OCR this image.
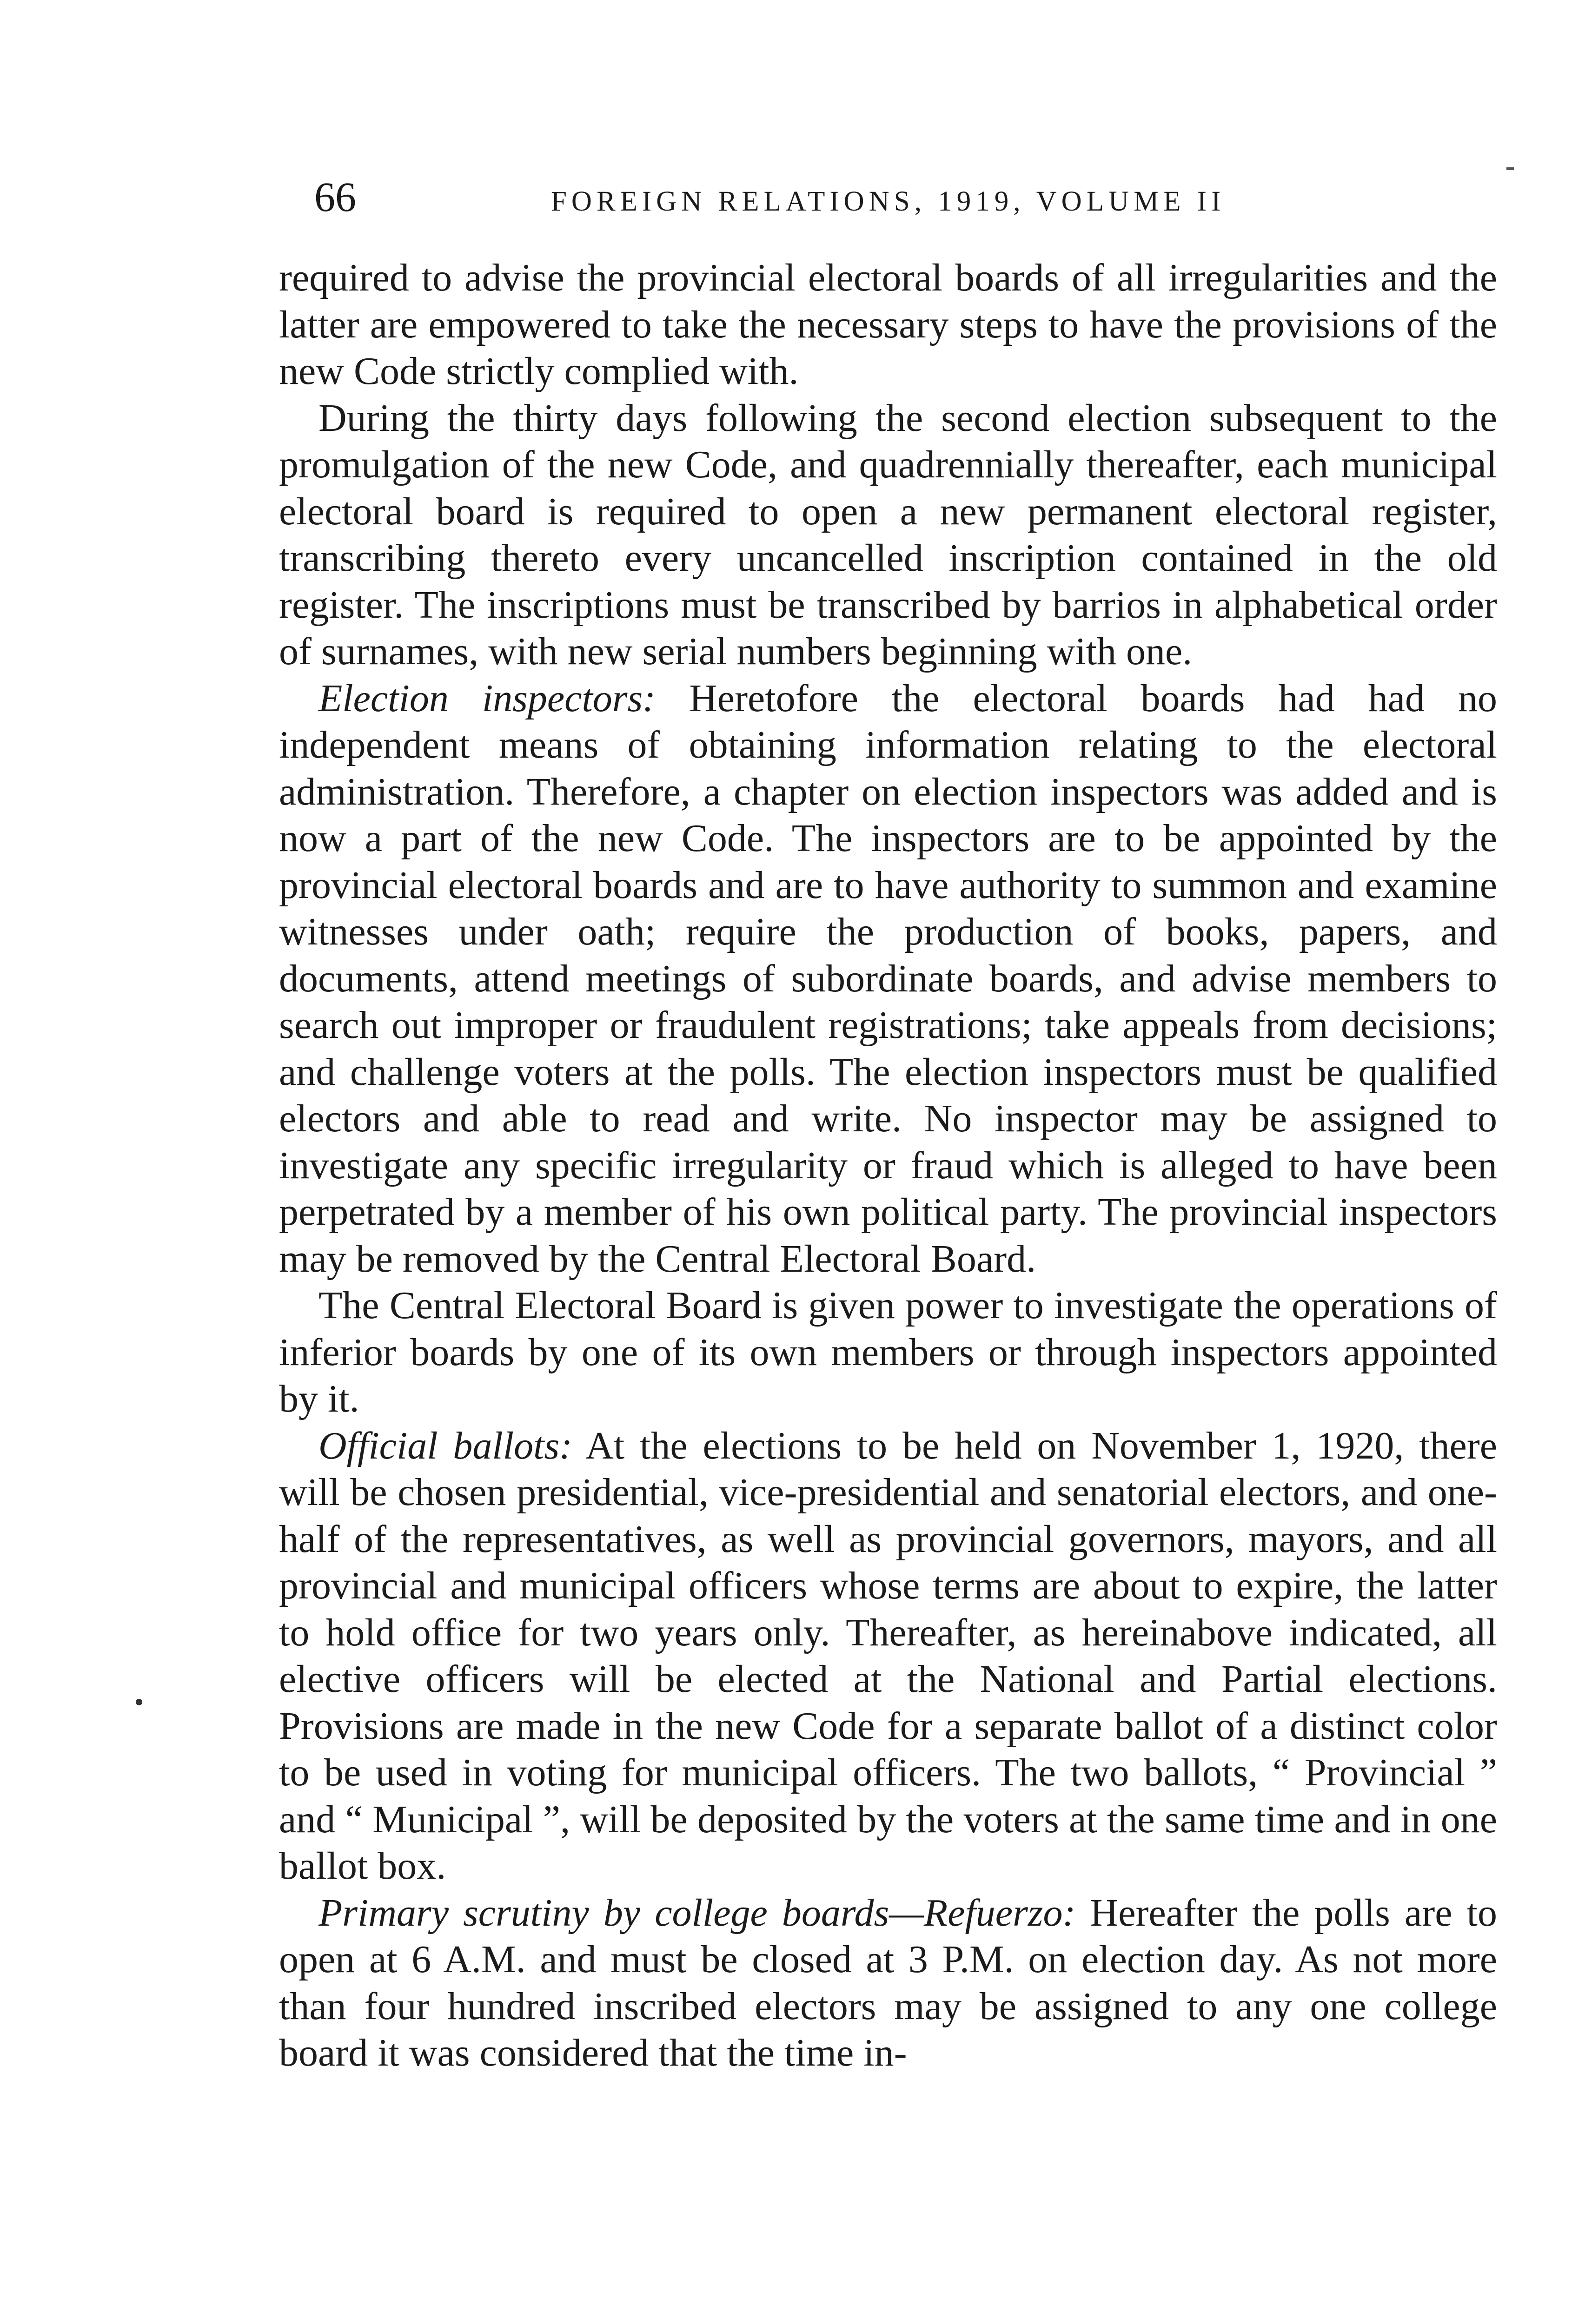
66	FOREIGN RELATIONS, 1919, VOLUME II

required to advise the provincial electoral boards of all irregularities and the latter are empowered to take the necessary steps to have the provisions of the new Code strictly complied with.

During the thirty days following the second election subsequent to the promulgation of the new Code, and quadrennially thereafter, each municipal electoral board is required to open a new permanent electoral register, transcribing thereto every uncancelled inscription contained in the old register. The inscriptions must be transcribed by barrios in alphabetical order of surnames, with new serial numbers beginning with one.

Election inspectors: Heretofore the electoral boards had had no independent means of obtaining information relating to the electoral administration. Therefore, a chapter on election inspectors was added and is now a part of the new Code. The inspectors are to be appointed by the provincial electoral boards and are to have authority to summon and examine witnesses under oath; require the production of books, papers, and documents, attend meetings of subordinate boards, and advise members to search out improper or fraudulent registrations; take appeals from decisions; and challenge voters at the polls. The election inspectors must be qualified electors and able to read and write. No inspector may be assigned to investigate any specific irregularity or fraud which is alleged to have been perpetrated by a member of his own political party. The provincial inspectors may be removed by the Central Electoral Board.

The Central Electoral Board is given power to investigate the operations of inferior boards by one of its own members or through inspectors appointed by it.

Official ballots: At the elections to be held on November 1, 1920, there will be chosen presidential, vice-presidential and senatorial electors, and one-half of the representatives, as well as provincial governors, mayors, and all provincial and municipal officers whose terms are about to expire, the latter to hold office for two years only. Thereafter, as hereinabove indicated, all elective officers will be elected at the National and Partial elections. Provisions are made in the new Code for a separate ballot of a distinct color to be used in voting for municipal officers. The two ballots, “ Provincial ” and “ Municipal ”, will be deposited by the voters at the same time and in one ballot box.

Primary scrutiny by college boards—Refuerzo: Hereafter the polls are to open at 6 A.M. and must be closed at 3 P.M. on election day. As not more than four hundred inscribed electors may be assigned to any one college board it was considered that the time in-
